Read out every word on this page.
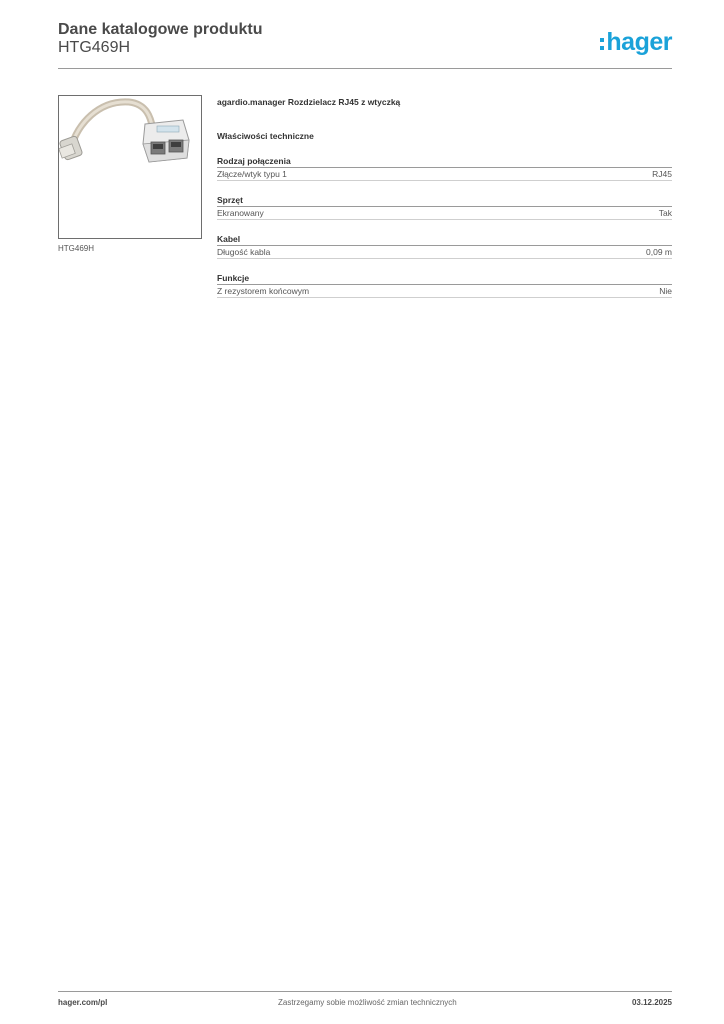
Dane katalogowe produktu
HTG469H	hager
HTG469H
agardio.manager Rozdzielacz RJ45 z wtyczką
Właściwości techniczne
Rodzaj połączenia
Złącze/wtyk typu 1	RJ45
Sprzęt
Ekranowany	Tak
Kabel
Długość kabla	0,09 m
Funkcje
Z rezystorem końcowym	Nie
hager.com/pl	Zastrzegamy sobie możliwość zmian technicznych	03.12.2025
